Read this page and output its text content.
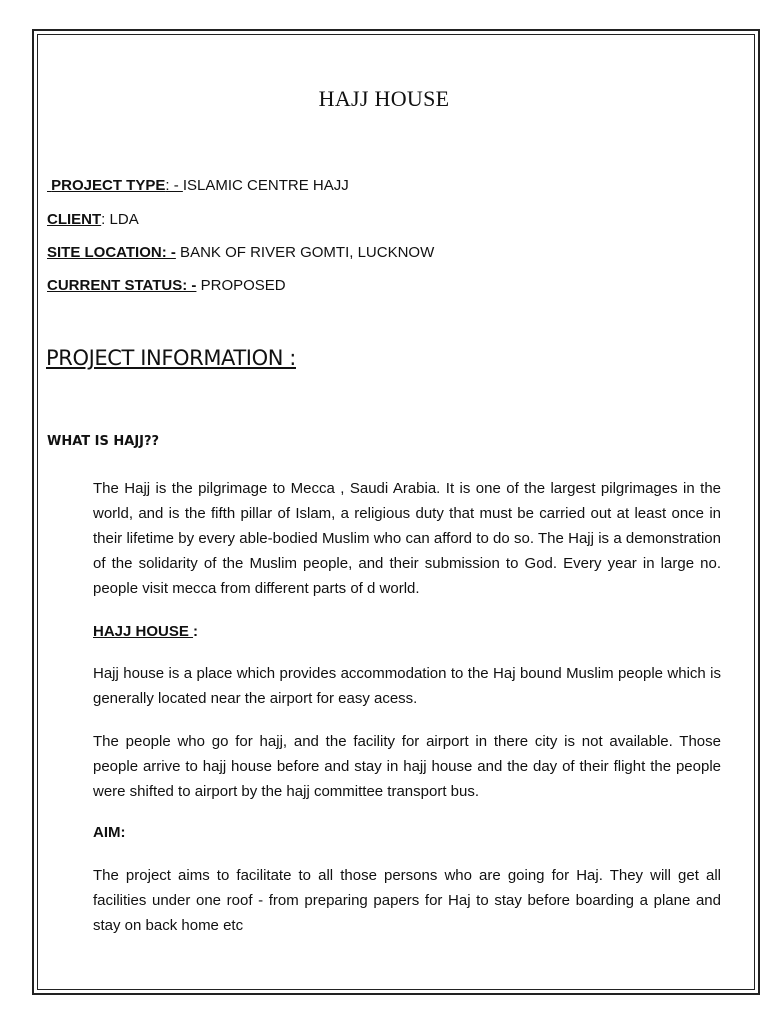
HAJJ HOUSE
PROJECT TYPE: - ISLAMIC CENTRE HAJJ
CLIENT: LDA
SITE LOCATION: - BANK OF RIVER GOMTI, LUCKNOW
CURRENT STATUS: - PROPOSED
PROJECT INFORMATION :
WHAT IS HAJJ??
The Hajj is the pilgrimage to Mecca , Saudi Arabia. It is one of the largest pilgrimages in the world, and is the fifth pillar of Islam, a religious duty that must be carried out at least once in their lifetime by every able-bodied Muslim who can afford to do so. The Hajj is a demonstration of the solidarity of the Muslim people, and their submission to God. Every year in large no. people visit mecca from different parts of d world.
HAJJ HOUSE :
Hajj house is a place which provides accommodation to the Haj bound Muslim people which is generally located near the airport for easy acess.
The people who go for hajj, and the facility for airport in there city is not available. Those people arrive to hajj house before and stay in hajj house and the day of their flight the people were shifted to airport by the hajj committee transport bus.
AIM:
The project aims to facilitate to all those persons who are going for Haj. They will get all facilities under one roof - from preparing papers for Haj to stay before boarding a plane and stay on back home etc
